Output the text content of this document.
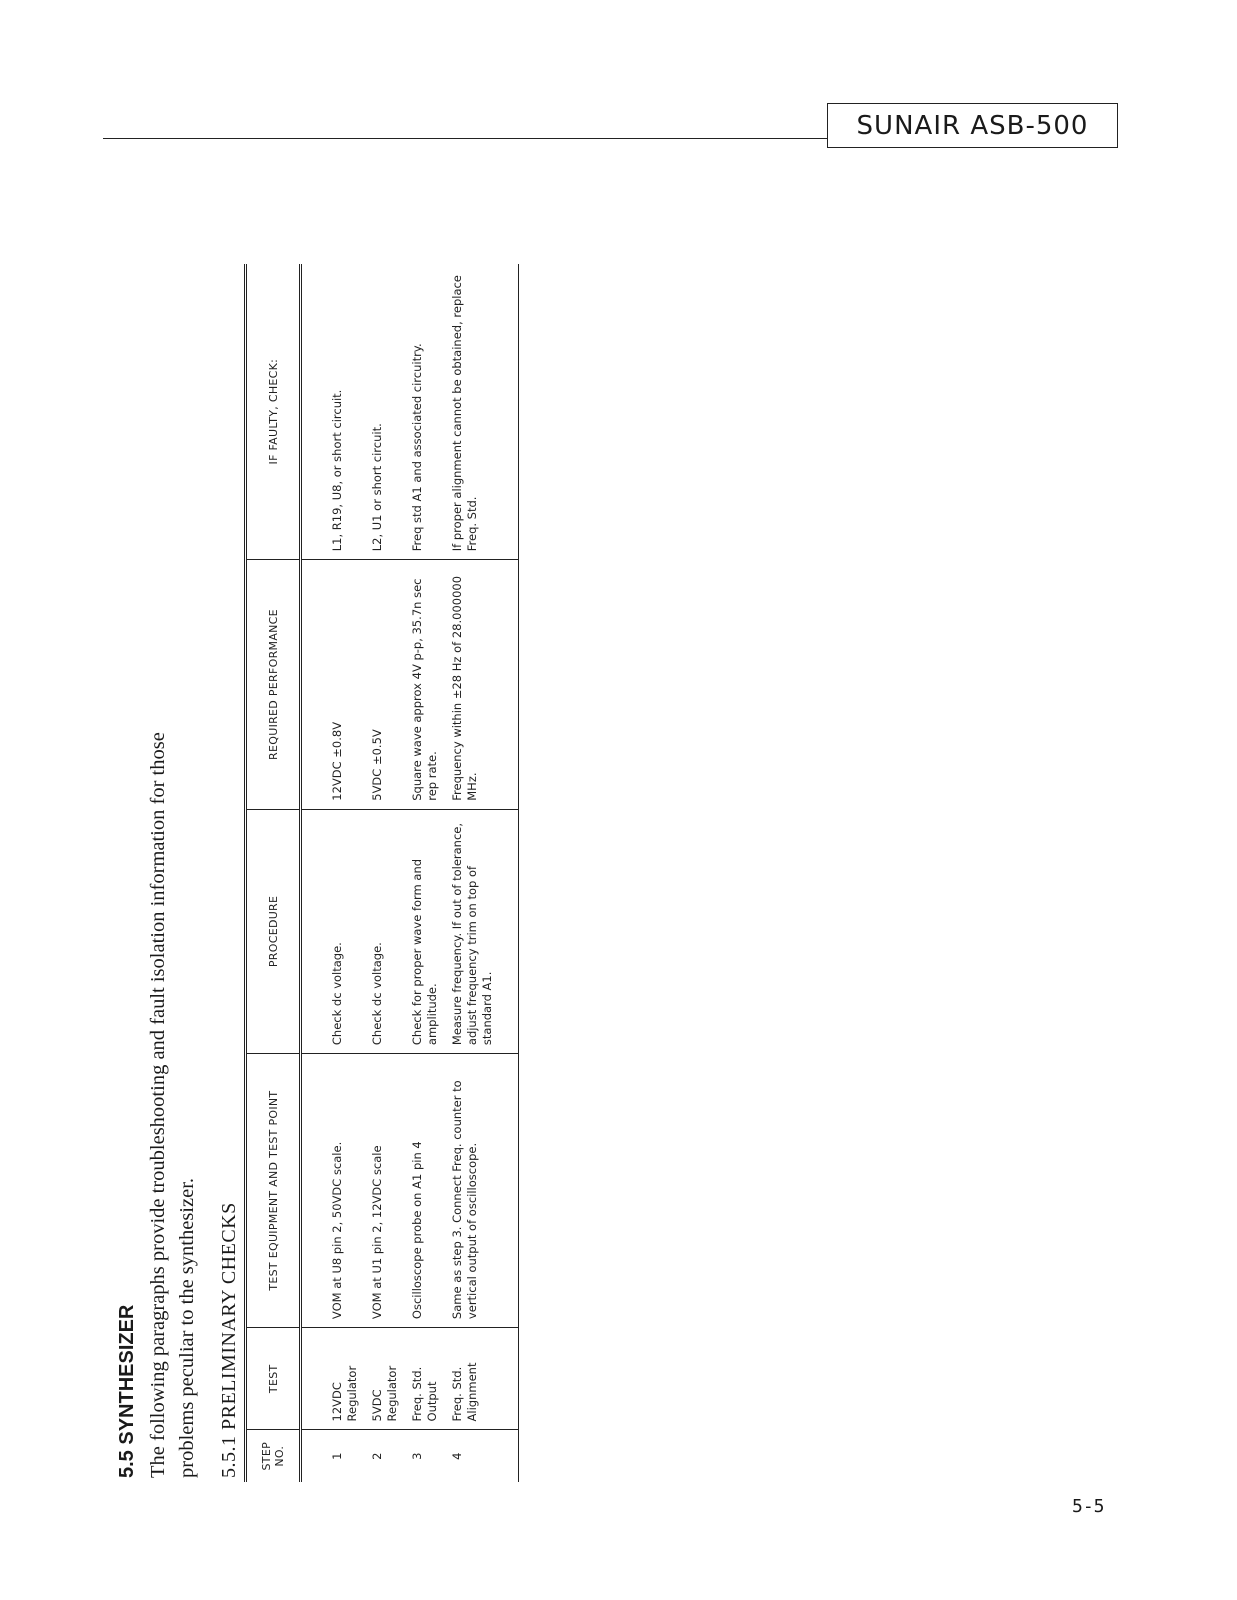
SUNAIR ASB-500
5.5 SYNTHESIZER The following paragraphs provide troubleshooting and fault isolation information for those problems peculiar to the synthesizer. 5.5.1 PRELIMINARY CHECKS STEP NO.	TEST	TEST EQUIPMENT AND TEST POINT	PROCEDURE	REQUIRED PERFORMANCE	IF FAULTY, CHECK:

1	12VDC Regulator	VOM at U8 pin 2, 50VDC scale.	Check dc voltage.	12VDC ±0.8V	L1, R19, U8, or short circuit.
2	5VDC Regulator	VOM at U1 pin 2, 12VDC scale	Check dc voltage.	5VDC ±0.5V	L2, U1 or short circuit.
3	Freq. Std. Output	Oscilloscope probe on A1 pin 4	Check for proper wave form and amplitude.	Square wave approx 4V p-p, 35.7n sec rep rate.	Freq std A1 and associated circuitry.
4	Freq. Std. Alignment	Same as step 3. Connect Freq. counter to vertical output of oscilloscope.	Measure frequency. If out of tolerance, adjust frequency trim on top of standard A1.	Frequency within ±28 Hz of 28.000000 MHz.	If proper alignment cannot be obtained, replace Freq. Std.
5-5
